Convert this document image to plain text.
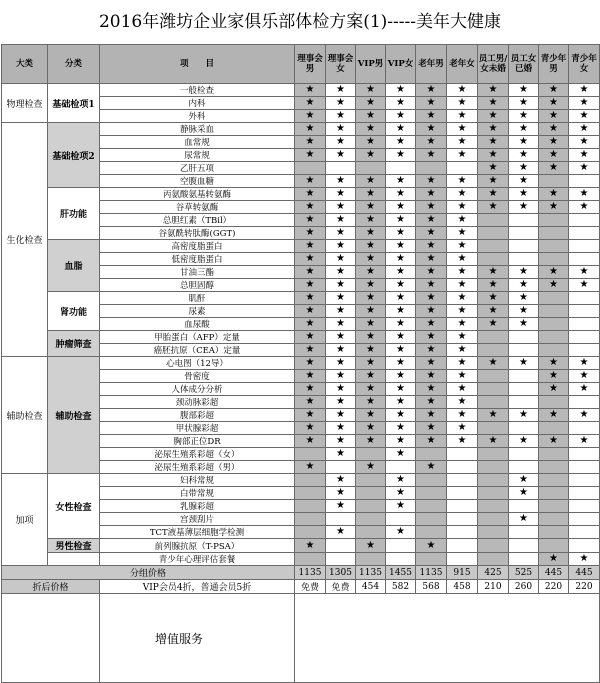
2016年潍坊企业家俱乐部体检方案(1)-----美年大健康
大类	分类	项　　目	理事会男	理事会女	VIP男	VIP女	老年男	老年女	员工男/女未婚	员工女已婚	青少年男	青少年女
物理检查	基础检项1	一般检查	★	★	★	★	★	★	★	★	★	★
		内科	★	★	★	★	★	★	★	★	★	★
		外科	★	★	★	★	★	★	★	★	★	★
生化检查	基础检项2	静脉采血	★	★	★	★	★	★	★	★	★	★
		血常规	★	★	★	★	★	★	★	★	★	★
		尿常规	★	★	★	★	★	★	★	★	★	★
		乙肝五项							★	★	★	★
		空腹血糖	★	★	★	★	★	★	★	★		
	肝功能	丙氨酸氨基转氨酶	★	★	★	★	★	★	★	★	★	★
		谷草转氨酶	★	★	★	★	★	★	★	★	★	★
		总胆红素（TBil）	★	★	★	★	★	★				
		谷氨酰转肽酶(GGT)	★	★	★	★	★	★				
	血脂	高密度脂蛋白	★	★	★	★	★	★				
		低密度脂蛋白	★	★	★	★	★	★				
		甘油三酯	★	★	★	★	★	★	★	★	★	★
		总胆固醇	★	★	★	★	★	★	★	★	★	★
	肾功能	肌酐	★	★	★	★	★	★	★	★		
		尿素	★	★	★	★	★	★	★	★		
		血尿酸	★	★	★	★	★	★	★	★		
	肿瘤筛查	甲胎蛋白（AFP）定量	★	★	★	★	★	★				
		癌胚抗原（CEA）定量	★	★	★	★	★	★				
辅助检查	辅助检查	心电图（12导）	★	★	★	★	★	★	★	★	★	★
		骨密度	★	★	★	★	★	★			★	★
		人体成分分析	★	★	★	★	★	★			★	★
		颈动脉彩超	★	★	★	★	★	★				
		腹部彩超	★	★	★	★	★	★	★	★	★	★
		甲状腺彩超	★	★	★	★	★	★				
		胸部正位DR	★	★	★	★	★	★	★	★	★	★
		泌尿生殖系彩超（女）		★		★						
		泌尿生殖系彩超（男）	★		★		★					
加项	女性检查	妇科常规		★		★				★		
		白带常规		★		★				★		
		乳腺彩超		★		★						
		宫颈刮片								★		
		TCT液基薄层细胞学检测		★		★						
	男性检查	前列腺抗原（T-PSA）	★		★		★					
		青少年心理评估套餐									★	★
分组价格			1135	1305	1135	1455	1135	915	425	525	445	445
折后价格		VIP会员4折，普通会员5折	免费	免费	454	582	568	458	210	260	220	220
		增值服务										
